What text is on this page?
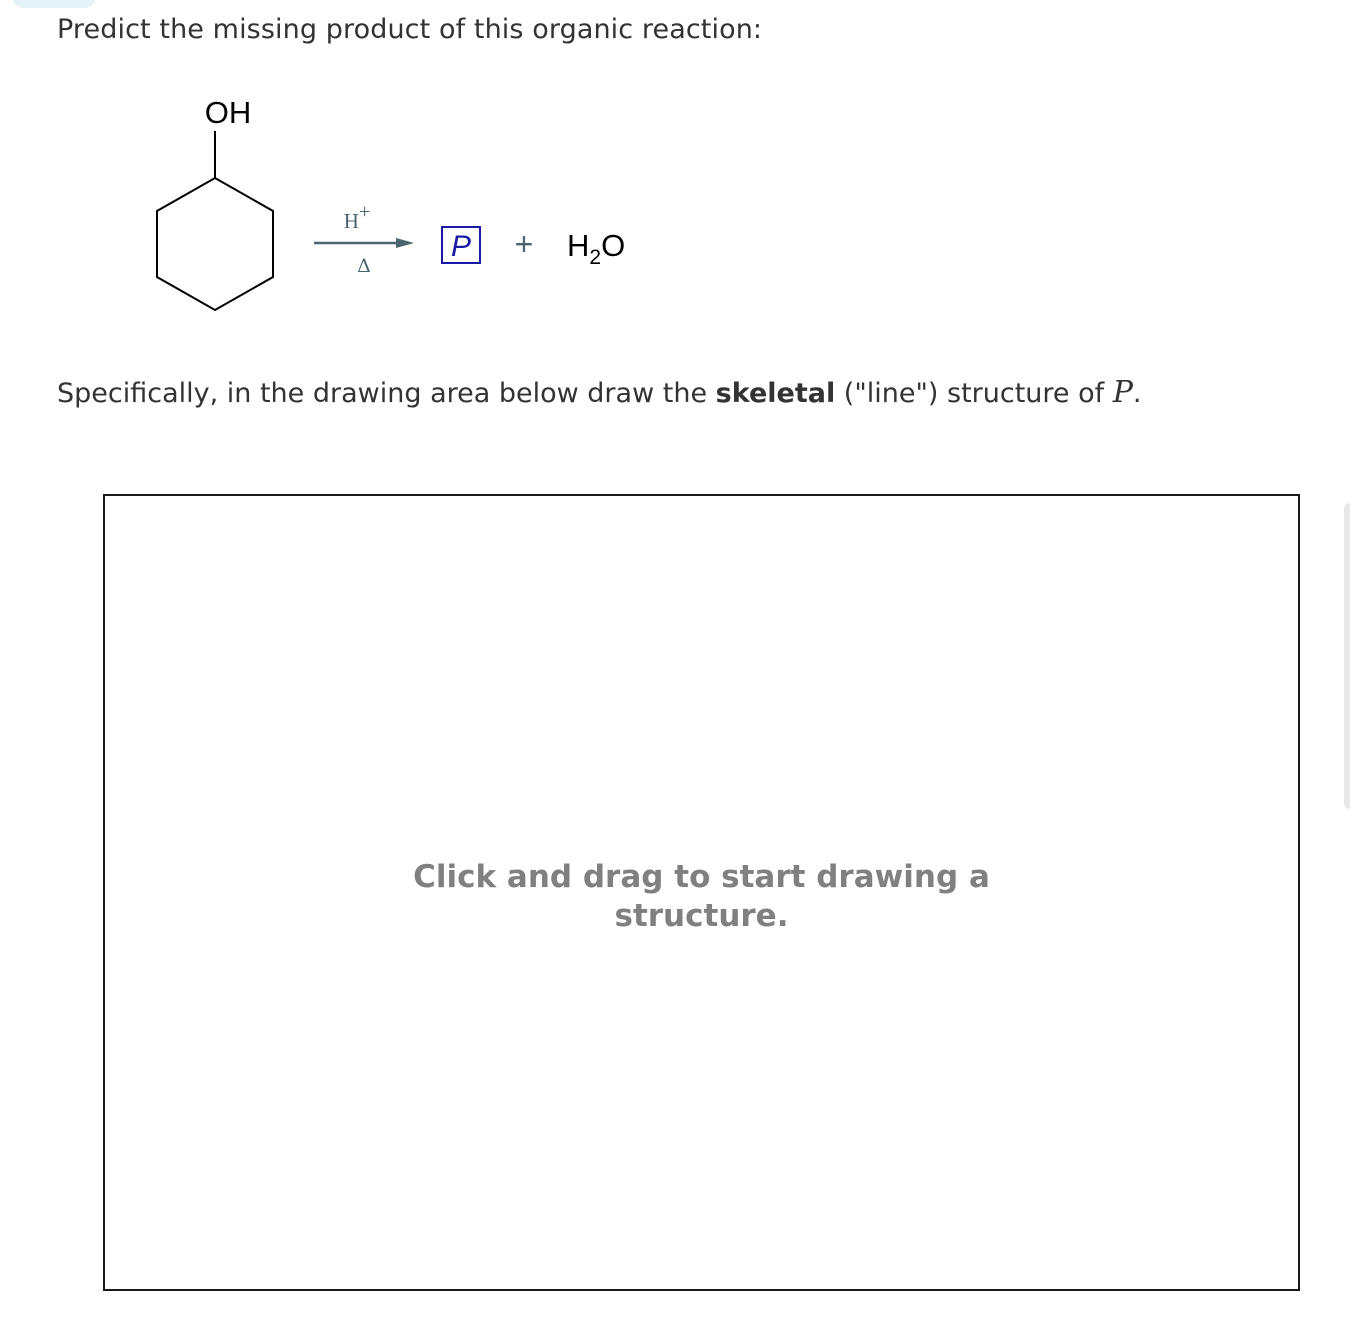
Predict the missing product of this organic reaction:
OH
H+
Δ
$P + H_2O$
Specifically, in the drawing area below draw the skeletal ("line") structure of P.
Click and drag to start drawing a
structure.
